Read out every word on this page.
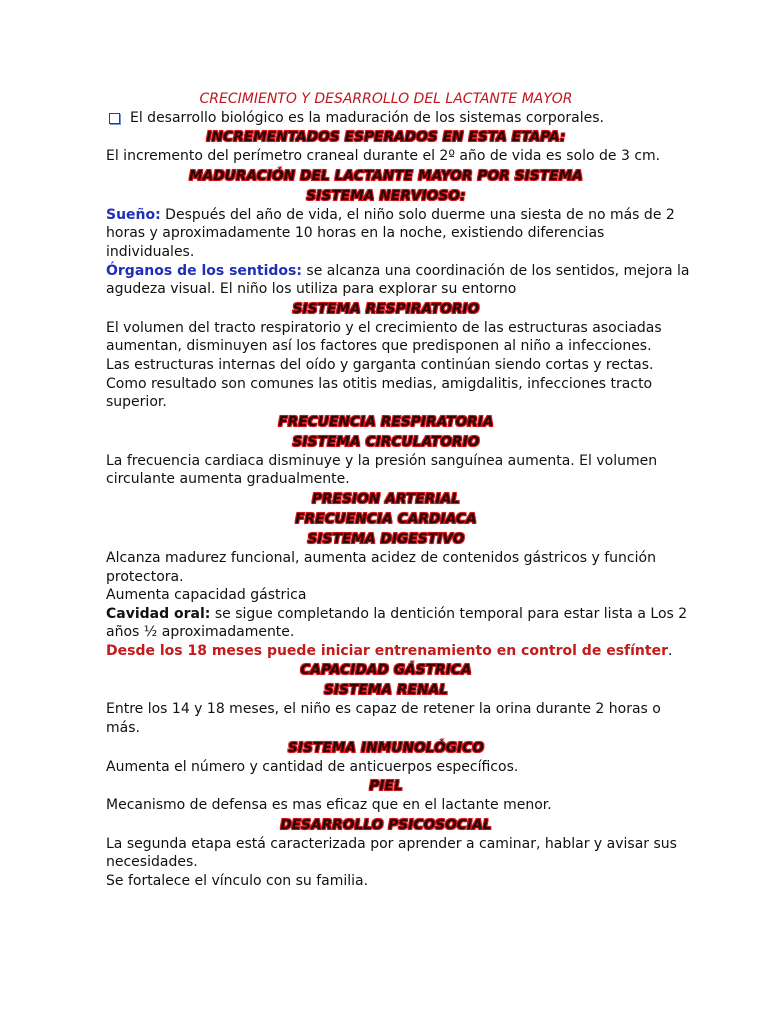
CRECIMIENTO Y DESARROLLO DEL LACTANTE MAYOR

El desarrollo biológico es la maduración de los sistemas corporales.

INCREMENTADOS ESPERADOS EN ESTA ETAPA:

El incremento del perímetro craneal durante el 2º año de vida es solo de 3 cm.

MADURACIÓN DEL LACTANTE MAYOR POR SISTEMA

SISTEMA NERVIOSO:

Sueño: Después del año de vida, el niño solo duerme una siesta de no más de 2

horas y aproximadamente 10 horas en la noche, existiendo diferencias

individuales.

Órganos de los sentidos: se alcanza una coordinación de los sentidos, mejora la

agudeza visual. El niño los utiliza para explorar su entorno

SISTEMA RESPIRATORIO

El volumen del tracto respiratorio y el crecimiento de las estructuras asociadas

aumentan, disminuyen así los factores que predisponen al niño a infecciones.

Las estructuras internas del oído y garganta continúan siendo cortas y rectas.

Como resultado son comunes las otitis medias, amigdalitis, infecciones tracto

superior.

FRECUENCIA RESPIRATORIA

SISTEMA CIRCULATORIO

La frecuencia cardiaca disminuye y la presión sanguínea aumenta. El volumen

circulante aumenta gradualmente.

PRESION ARTERIAL

FRECUENCIA CARDIACA

SISTEMA DIGESTIVO

Alcanza madurez funcional, aumenta acidez de contenidos gástricos y función

protectora.

Aumenta capacidad gástrica

Cavidad oral: se sigue completando la dentición temporal para estar lista a Los 2

años ½ aproximadamente.

Desde los 18 meses puede iniciar entrenamiento en control de esfínter.

CAPACIDAD GÁSTRICA

SISTEMA RENAL

Entre los 14 y 18 meses, el niño es capaz de retener la orina durante 2 horas o

más.

SISTEMA INMUNOLÓGICO

Aumenta el número y cantidad de anticuerpos específicos.

PIEL

Mecanismo de defensa es mas eficaz que en el lactante menor.

DESARROLLO PSICOSOCIAL

La segunda etapa está caracterizada por aprender a caminar, hablar y avisar sus

necesidades.

Se fortalece el vínculo con su familia.
